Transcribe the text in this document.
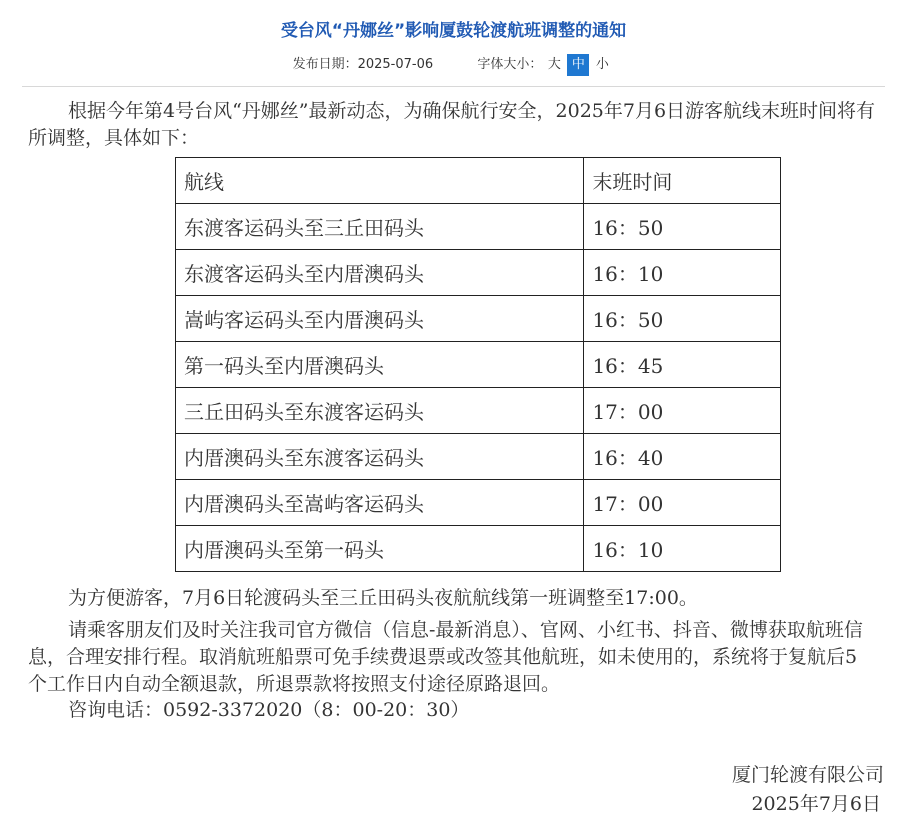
受台风“丹娜丝”影响厦鼓轮渡航班调整的通知
发布日期：2025-07-06	字体大小： 大 中 小

根据今年第4号台风“丹娜丝”最新动态，为确保航行安全，2025年7月6日游客航线末班时间将有所调整，具体如下：

航线	末班时间
东渡客运码头至三丘田码头	16：50
东渡客运码头至内厝澳码头	16：10
嵩屿客运码头至内厝澳码头	16：50
第一码头至内厝澳码头	16：45
三丘田码头至东渡客运码头	17：00
内厝澳码头至东渡客运码头	16：40
内厝澳码头至嵩屿客运码头	17：00
内厝澳码头至第一码头	16：10

为方便游客，7月6日轮渡码头至三丘田码头夜航航线第一班调整至17:00。

请乘客朋友们及时关注我司官方微信（信息-最新消息）、官网、小红书、抖音、微博获取航班信息，合理安排行程。取消航班船票可免手续费退票或改签其他航班，如未使用的，系统将于复航后5个工作日内自动全额退款，所退票款将按照支付途径原路退回。

咨询电话：0592-3372020（8：00-20：30）

厦门轮渡有限公司
2025年7月6日
